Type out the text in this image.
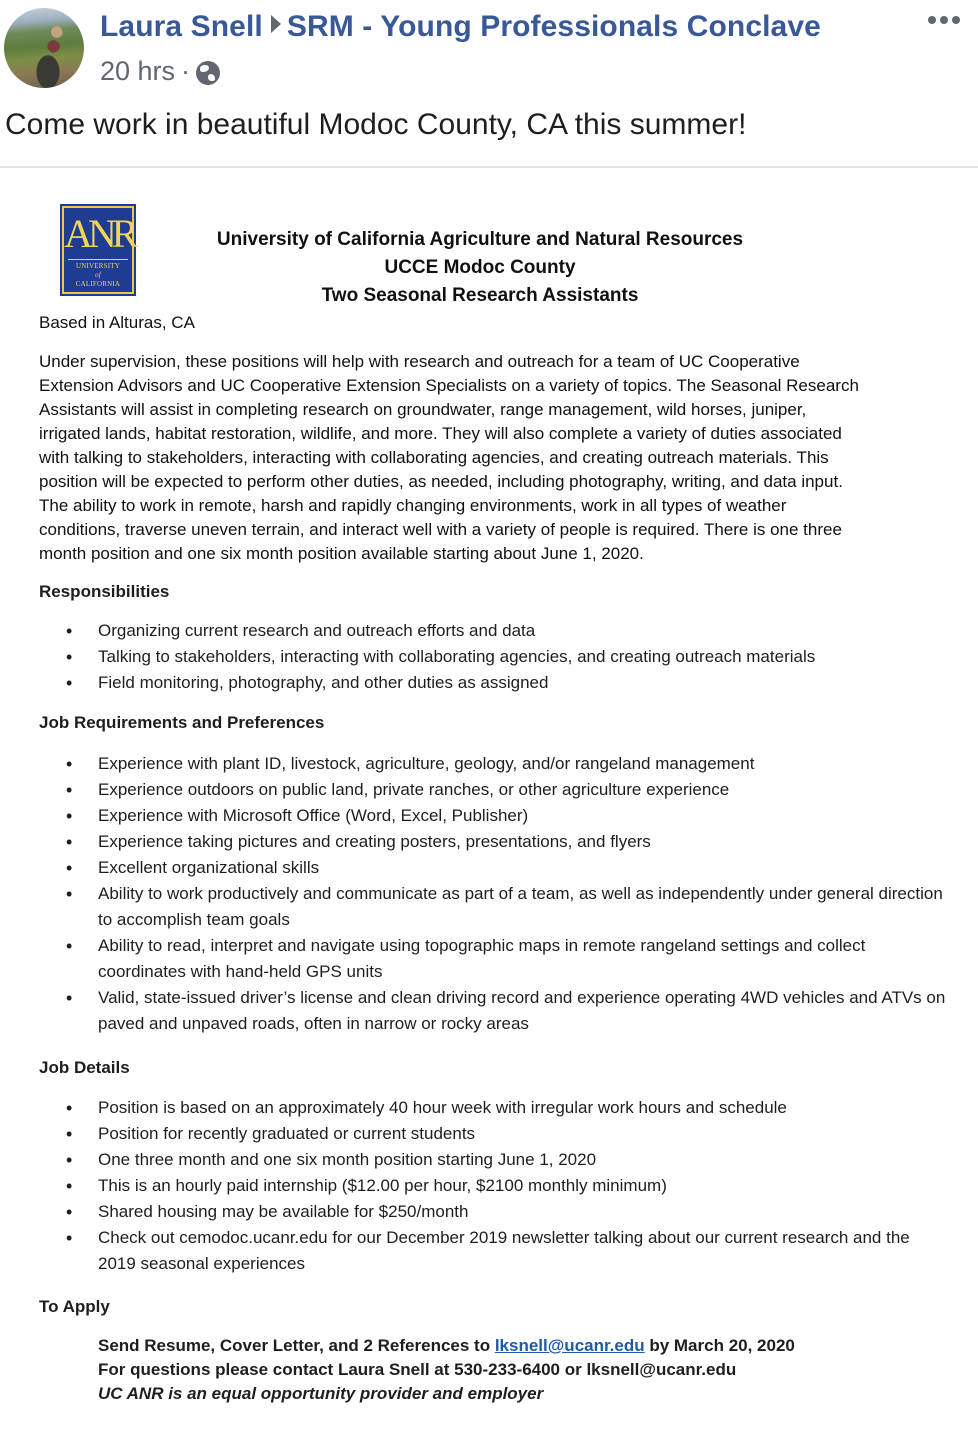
Laura Snell SRM - Young Professionals Conclave
20 hrs ·
Come work in beautiful Modoc County, CA this summer!
ANR
UNIVERSITY
of
CALIFORNIA
University of California Agriculture and Natural Resources
UCCE Modoc County
Two Seasonal Research Assistants
Based in Alturas, CA
Under supervision, these positions will help with research and outreach for a team of UC Cooperative
Extension Advisors and UC Cooperative Extension Specialists on a variety of topics. The Seasonal Research
Assistants will assist in completing research on groundwater, range management, wild horses, juniper,
irrigated lands, habitat restoration, wildlife, and more. They will also complete a variety of duties associated
with talking to stakeholders, interacting with collaborating agencies, and creating outreach materials. This
position will be expected to perform other duties, as needed, including photography, writing, and data input.
The ability to work in remote, harsh and rapidly changing environments, work in all types of weather
conditions, traverse uneven terrain, and interact well with a variety of people is required. There is one three
month position and one six month position available starting about June 1, 2020.
Responsibilities
• Organizing current research and outreach efforts and data
• Talking to stakeholders, interacting with collaborating agencies, and creating outreach materials
• Field monitoring, photography, and other duties as assigned
Job Requirements and Preferences
• Experience with plant ID, livestock, agriculture, geology, and/or rangeland management
• Experience outdoors on public land, private ranches, or other agriculture experience
• Experience with Microsoft Office (Word, Excel, Publisher)
• Experience taking pictures and creating posters, presentations, and flyers
• Excellent organizational skills
• Ability to work productively and communicate as part of a team, as well as independently under general direction to accomplish team goals
• Ability to read, interpret and navigate using topographic maps in remote rangeland settings and collect coordinates with hand-held GPS units
• Valid, state-issued driver’s license and clean driving record and experience operating 4WD vehicles and ATVs on paved and unpaved roads, often in narrow or rocky areas
Job Details
• Position is based on an approximately 40 hour week with irregular work hours and schedule
• Position for recently graduated or current students
• One three month and one six month position starting June 1, 2020
• This is an hourly paid internship ($12.00 per hour, $2100 monthly minimum)
• Shared housing may be available for $250/month
• Check out cemodoc.ucanr.edu for our December 2019 newsletter talking about our current research and the 2019 seasonal experiences
To Apply
Send Resume, Cover Letter, and 2 References to lksnell@ucanr.edu by March 20, 2020
For questions please contact Laura Snell at 530-233-6400 or lksnell@ucanr.edu
UC ANR is an equal opportunity provider and employer
